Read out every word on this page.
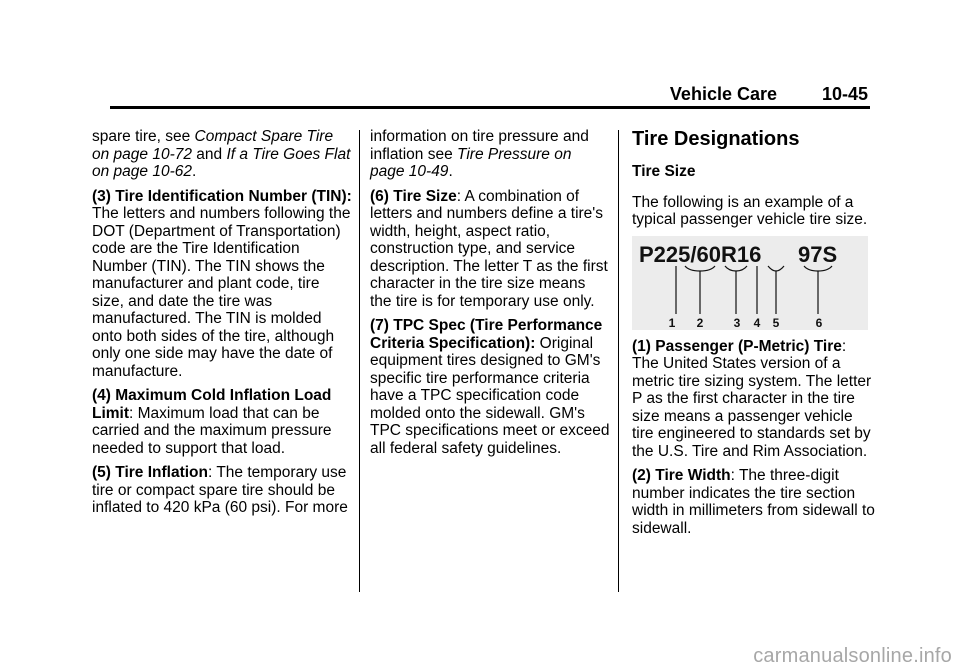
Vehicle Care 10-45

spare tire, see Compact Spare Tire on page 10-72 and If a Tire Goes Flat on page 10-62.

(3) Tire Identification Number (TIN): The letters and numbers following the DOT (Department of Transportation) code are the Tire Identification Number (TIN). The TIN shows the manufacturer and plant code, tire size, and date the tire was manufactured. The TIN is molded onto both sides of the tire, although only one side may have the date of manufacture.

(4) Maximum Cold Inflation Load Limit: Maximum load that can be carried and the maximum pressure needed to support that load.

(5) Tire Inflation: The temporary use tire or compact spare tire should be inflated to 420 kPa (60 psi). For more

information on tire pressure and inflation see Tire Pressure on page 10-49.

(6) Tire Size: A combination of letters and numbers define a tire's width, height, aspect ratio, construction type, and service description. The letter T as the first character in the tire size means the tire is for temporary use only.

(7) TPC Spec (Tire Performance Criteria Specification): Original equipment tires designed to GM's specific tire performance criteria have a TPC specification code molded onto the sidewall. GM's TPC specifications meet or exceed all federal safety guidelines.

Tire Designations

Tire Size

The following is an example of a typical passenger vehicle tire size.

P225/60R16 97S
1 2	3 4 5	6

(1) Passenger (P-Metric) Tire: The United States version of a metric tire sizing system. The letter P as the first character in the tire size means a passenger vehicle tire engineered to standards set by the U.S. Tire and Rim Association.

(2) Tire Width: The three-digit number indicates the tire section width in millimeters from sidewall to sidewall.

carmanualsonline.info
